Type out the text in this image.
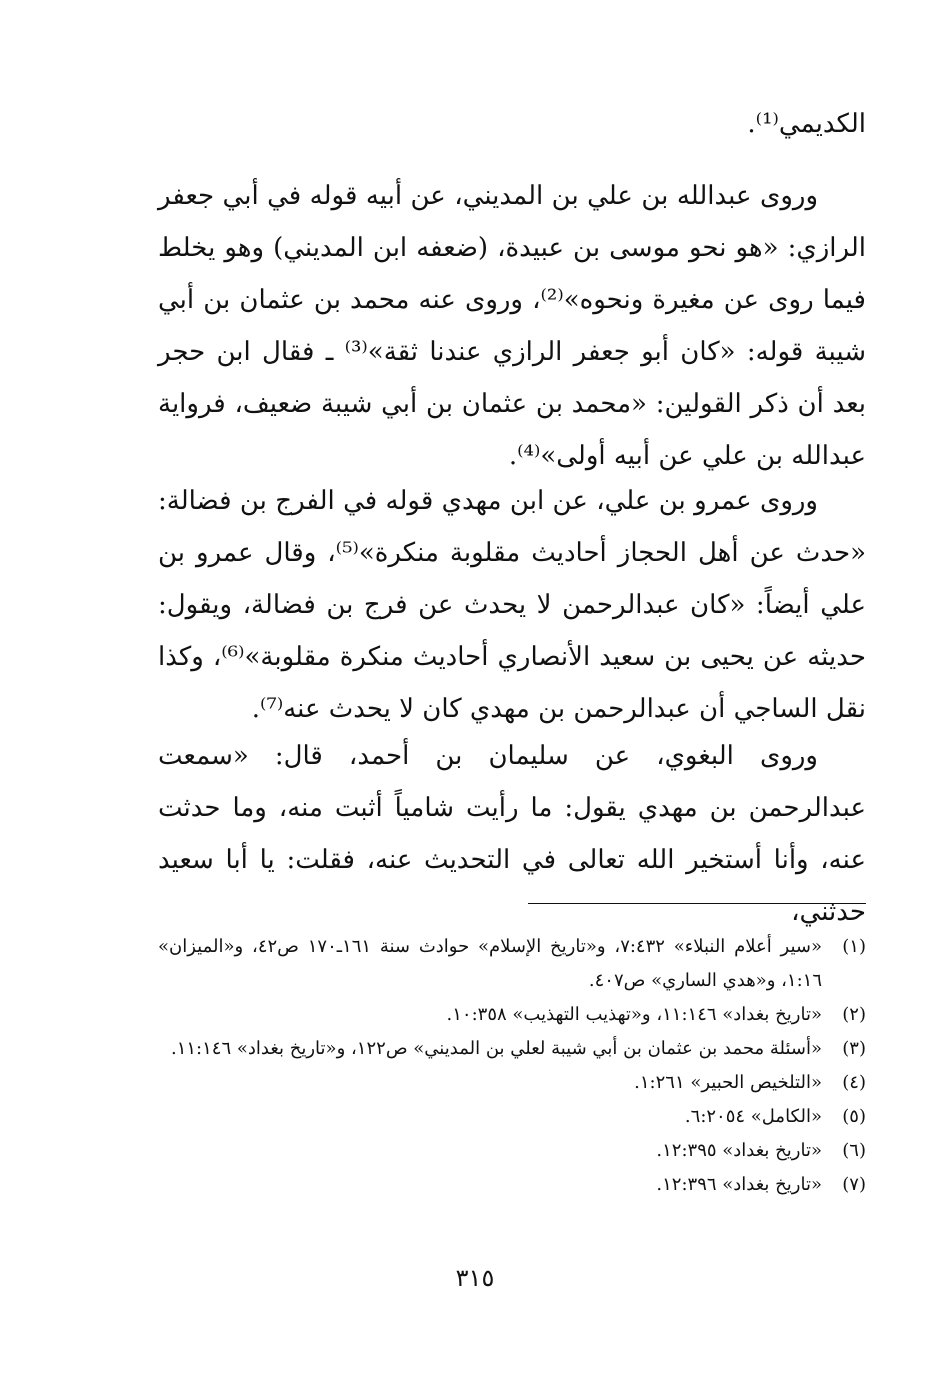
الكديمي⁽¹⁾.

وروى عبدالله بن علي بن المديني، عن أبيه قوله في أبي جعفر الرازي: «هو نحو موسى بن عبيدة، (ضعفه ابن المديني) وهو يخلط فيما روى عن مغيرة ونحوه»⁽²⁾، وروى عنه محمد بن عثمان بن أبي شيبة قوله: «كان أبو جعفر الرازي عندنا ثقة»⁽³⁾ ـ فقال ابن حجر بعد أن ذكر القولين: «محمد بن عثمان بن أبي شيبة ضعيف، فرواية عبدالله بن علي عن أبيه أولى»⁽⁴⁾.

وروى عمرو بن علي، عن ابن مهدي قوله في الفرج بن فضالة: «حدث عن أهل الحجاز أحاديث مقلوبة منكرة»⁽⁵⁾، وقال عمرو بن علي أيضاً: «كان عبدالرحمن لا يحدث عن فرج بن فضالة، ويقول: حديثه عن يحيى بن سعيد الأنصاري أحاديث منكرة مقلوبة»⁽⁶⁾، وكذا نقل الساجي أن عبدالرحمن بن مهدي كان لا يحدث عنه⁽⁷⁾.

وروى البغوي، عن سليمان بن أحمد، قال: «سمعت عبدالرحمن بن مهدي يقول: ما رأيت شامياً أثبت منه، وما حدثت عنه، وأنا أستخير الله تعالى في التحديث عنه، فقلت: يا أبا سعيد حدثني،

(١)
«سير أعلام النبلاء» ٧:٤٣٢، و«تاريخ الإسلام» حوادث سنة ١٦١ـ١٧٠ ص٤٢، و«الميزان» ١:١٦، و«هدي الساري» ص٤٠٧.
(٢)
«تاريخ بغداد» ١١:١٤٦، و«تهذيب التهذيب» ١٠:٣٥٨.
(٣)
«أسئلة محمد بن عثمان بن أبي شيبة لعلي بن المديني» ص١٢٢، و«تاريخ بغداد» ١١:١٤٦.
(٤)
«التلخيص الحبير» ١:٢٦١.
(٥)
«الكامل» ٦:٢٠٥٤.
(٦)
«تاريخ بغداد» ١٢:٣٩٥.
(٧)
«تاريخ بغداد» ١٢:٣٩٦.
٣١٥
